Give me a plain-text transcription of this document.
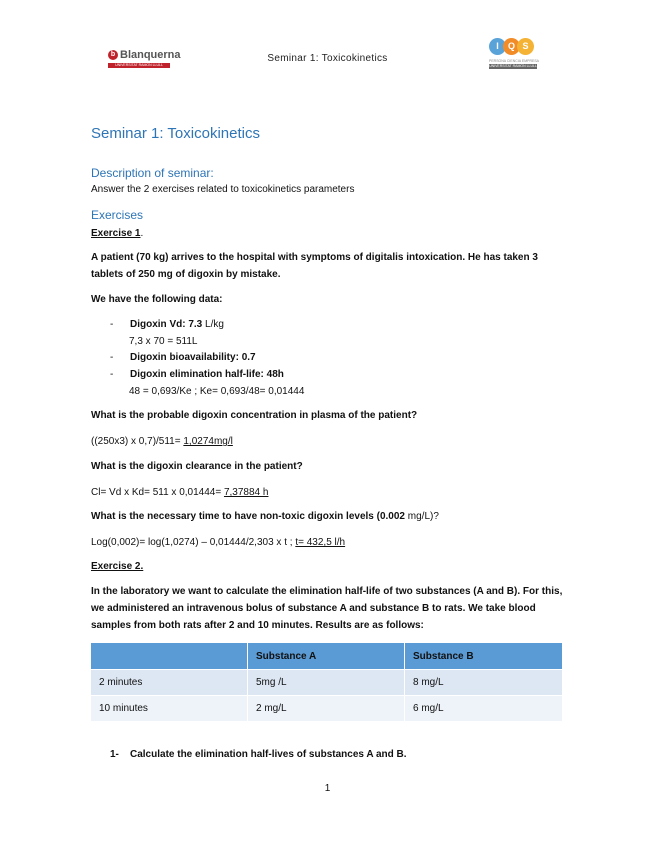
b Blanquerna
UNIVERSITAT RAMON LLULL
Seminar 1: Toxicokinetics
I	Q S
PERSONA CIENCIA EMPRESA
UNIVERSITAT RAMON LLULL
Seminar 1: Toxicokinetics
Description of seminar:
Answer the 2 exercises related to toxicokinetics parameters
Exercises
Exercise 1.
A patient (70 kg) arrives to the hospital with symptoms of digitalis intoxication. He has taken 3 tablets of 250 mg of digoxin by mistake.
We have the following data:
- Digoxin Vd: 7.3 L/kg
7,3 x 70 = 511L
- Digoxin bioavailability: 0.7
- Digoxin elimination half-life: 48h
48 = 0,693/Ke ; Ke= 0,693/48= 0,01444
What is the probable digoxin concentration in plasma of the patient?
((250x3) x 0,7)/511= 1,0274mg/l
What is the digoxin clearance in the patient?
Cl= Vd x Kd= 511 x 0,01444= 7,37884 h
What is the necessary time to have non-toxic digoxin levels (0.002 mg/L)?
Log(0,002)= log(1,0274) – 0,01444/2,303 x t ; t= 432,5 l/h
Exercise 2.
In the laboratory we want to calculate the elimination half-life of two substances (A and B). For this, we administered an intravenous bolus of substance A and substance B to rats. We take blood samples from both rats after 2 and 10 minutes. Results are as follows:
	Substance A	Substance B
2 minutes	5mg /L	8 mg/L
10 minutes	2 mg/L	6 mg/L
1- Calculate the elimination half-lives of substances A and B.
1
